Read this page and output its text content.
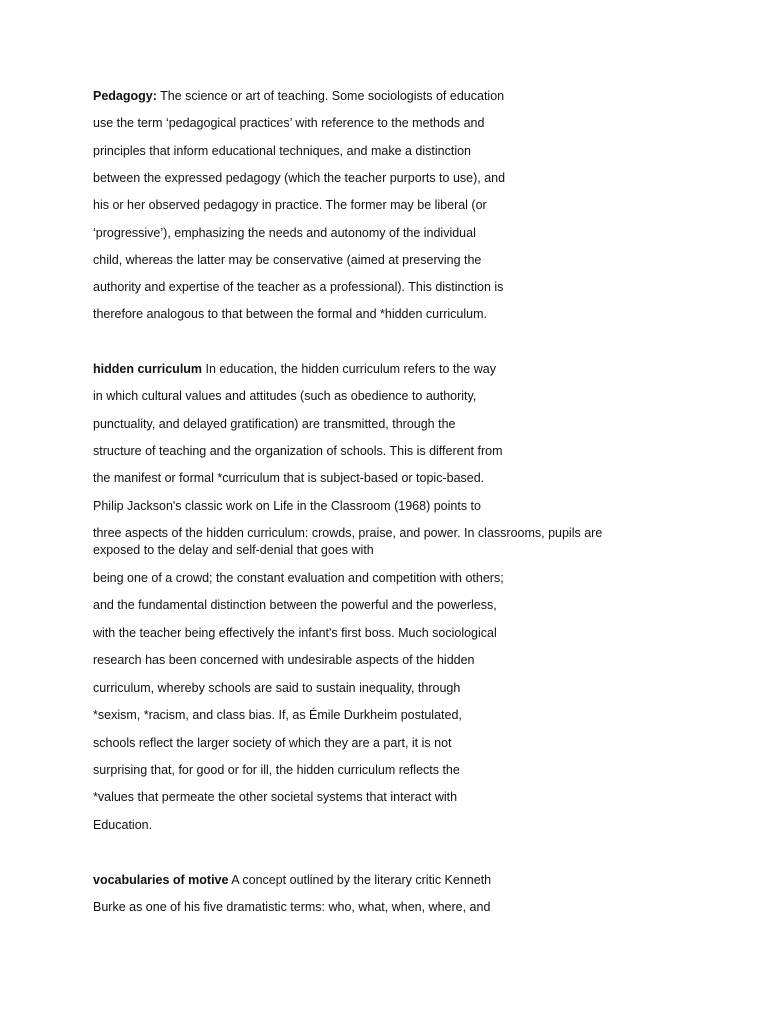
Pedagogy: The science or art of teaching. Some sociologists of education
use the term ‘pedagogical practices’ with reference to the methods and
principles that inform educational techniques, and make a distinction
between the expressed pedagogy (which the teacher purports to use), and
his or her observed pedagogy in practice. The former may be liberal (or
‘progressive’), emphasizing the needs and autonomy of the individual
child, whereas the latter may be conservative (aimed at preserving the
authority and expertise of the teacher as a professional). This distinction is
therefore analogous to that between the formal and *hidden curriculum.
hidden curriculum In education, the hidden curriculum refers to the way
in which cultural values and attitudes (such as obedience to authority,
punctuality, and delayed gratification) are transmitted, through the
structure of teaching and the organization of schools. This is different from
the manifest or formal *curriculum that is subject-based or topic-based.
Philip Jackson's classic work on Life in the Classroom (1968) points to
three aspects of the hidden curriculum: crowds, praise, and power. In classrooms, pupils are exposed to the delay and self-denial that goes with
being one of a crowd; the constant evaluation and competition with others;
and the fundamental distinction between the powerful and the powerless,
with the teacher being effectively the infant's first boss. Much sociological
research has been concerned with undesirable aspects of the hidden
curriculum, whereby schools are said to sustain inequality, through
*sexism, *racism, and class bias. If, as Émile Durkheim postulated,
schools reflect the larger society of which they are a part, it is not
surprising that, for good or for ill, the hidden curriculum reflects the
*values that permeate the other societal systems that interact with
Education.
vocabularies of motive A concept outlined by the literary critic Kenneth
Burke as one of his five dramatistic terms: who, what, when, where, and
